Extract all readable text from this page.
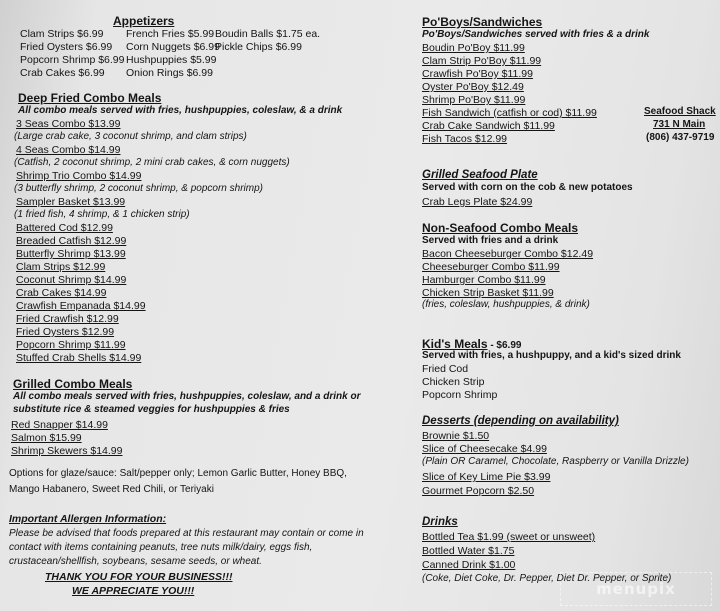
Appetizers
Clam Strips $6.99 French Fries $5.99 Boudin Balls $1.75 ea.
Fried Oysters $6.99 Corn Nuggets $6.99
Pickle Chips $6.99
Popcorn Shrimp $6.99 Hushpuppies $5.99
Crab Cakes $6.99 Onion Rings $6.99
Deep Fried Combo Meals
All combo meals served with fries, hushpuppies, coleslaw, & a drink
3 Seas Combo $13.99
(Large crab cake, 3 coconut shrimp, and clam strips)
4 Seas Combo $14.99
(Catfish, 2 coconut shrimp, 2 mini crab cakes, & corn nuggets)
Shrimp Trio Combo $14.99
(3 butterfly shrimp, 2 coconut shrimp, & popcorn shrimp)
Sampler Basket $13.99
(1 fried fish, 4 shrimp, & 1 chicken strip)
Battered Cod $12.99
Breaded Catfish $12.99
Butterfly Shrimp $13.99
Clam Strips $12.99
Coconut Shrimp $14.99
Crab Cakes $14.99
Crawfish Empanada $14.99
Fried Crawfish $12.99
Fried Oysters $12.99
Popcorn Shrimp $11.99
Stuffed Crab Shells $14.99
Grilled Combo Meals
All combo meals served with fries, hushpuppies, coleslaw, and a drink or
substitute rice & steamed veggies for hushpuppies & fries
Red Snapper $14.99
Salmon $15.99
Shrimp Skewers $14.99
Options for glaze/sauce: Salt/pepper only; Lemon Garlic Butter, Honey BBQ,
Mango Habanero, Sweet Red Chili, or Teriyaki
Important Allergen Information:
Please be advised that foods prepared at this restaurant may contain or come in
contact with items containing peanuts, tree nuts milk/dairy, eggs fish,
crustacean/shellfish, soybeans, sesame seeds, or wheat.
THANK YOU FOR YOUR BUSINESS!!!
WE APPRECIATE YOU!!!
Po'Boys/Sandwiches
Po'Boys/Sandwiches served with fries & a drink
Boudin Po'Boy $11.99
Clam Strip Po'Boy $11.99
Crawfish Po'Boy $11.99
Oyster Po'Boy $12.49
Shrimp Po'Boy $11.99
Fish Sandwich (catfish or cod) $11.99
Crab Cake Sandwich $11.99
Fish Tacos $12.99
Seafood Shack
731 N Main
(806) 437-9719
Grilled Seafood Plate
Served with corn on the cob & new potatoes
Crab Legs Plate $24.99
Non-Seafood Combo Meals
Served with fries and a drink
Bacon Cheeseburger Combo $12.49
Cheeseburger Combo $11.99
Hamburger Combo $11.99
Chicken Strip Basket $11.99
(fries, coleslaw, hushpuppies, & drink)
Kid's Meals - $6.99
Served with fries, a hushpuppy, and a kid's sized drink
Fried Cod
Chicken Strip
Popcorn Shrimp
Desserts (depending on availability)
Brownie $1.50
Slice of Cheesecake $4.99
(Plain OR Caramel, Chocolate, Raspberry or Vanilla Drizzle)
Slice of Key Lime Pie $3.99
Gourmet Popcorn $2.50
Drinks
Bottled Tea $1.99 (sweet or unsweet)
Bottled Water $1.75
Canned Drink $1.00
(Coke, Diet Coke, Dr. Pepper, Diet Dr. Pepper, or Sprite)
menupix
